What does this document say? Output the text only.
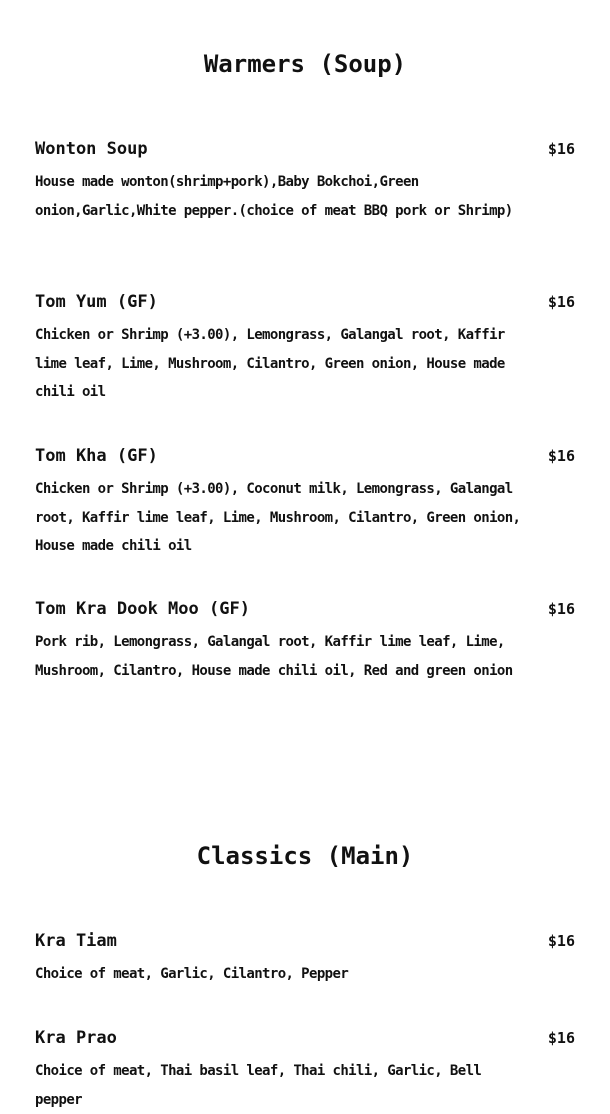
Warmers (Soup)
Wonton Soup	$16
House made wonton(shrimp+pork),Baby Bokchoi,Green onion,Garlic,White pepper.(choice of meat BBQ pork or Shrimp)
Tom Yum (GF)	$16
Chicken or Shrimp (+3.00), Lemongrass, Galangal root, Kaffir lime leaf, Lime, Mushroom, Cilantro, Green onion, House made chili oil
Tom Kha (GF)	$16
Chicken or Shrimp (+3.00), Coconut milk, Lemongrass, Galangal root, Kaffir lime leaf, Lime, Mushroom, Cilantro, Green onion, House made chili oil
Tom Kra Dook Moo (GF)	$16
Pork rib, Lemongrass, Galangal root, Kaffir lime leaf, Lime, Mushroom, Cilantro, House made chili oil, Red and green onion
Classics (Main)
Kra Tiam	$16
Choice of meat, Garlic, Cilantro, Pepper
Kra Prao	$16
Choice of meat, Thai basil leaf, Thai chili, Garlic, Bell pepper
